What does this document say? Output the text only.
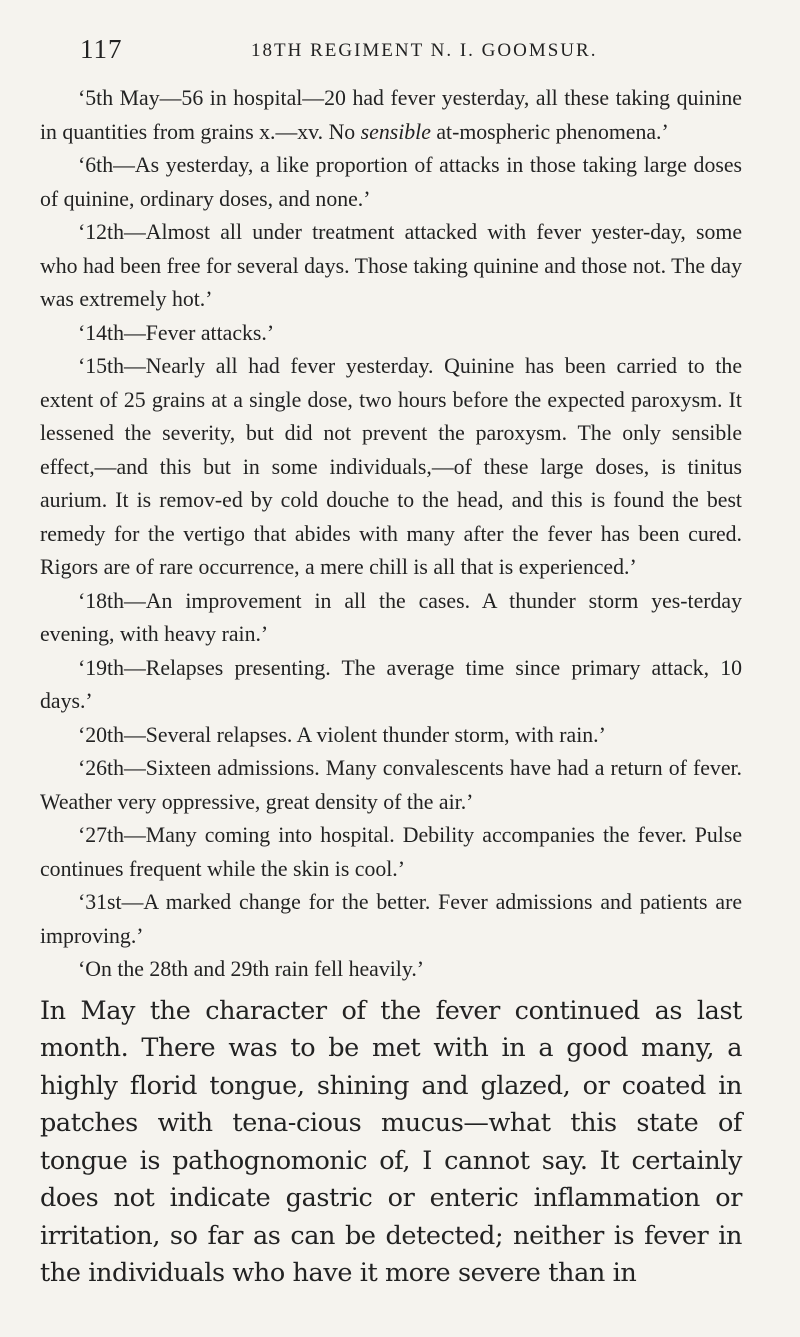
117	18TH REGIMENT N. I. GOOMSUR.

‘5th May—56 in hospital—20 had fever yesterday, all these taking quinine in quantities from grains x.—xv. No sensible at-mospheric phenomena.’

‘6th—As yesterday, a like proportion of attacks in those taking large doses of quinine, ordinary doses, and none.’

‘12th—Almost all under treatment attacked with fever yester-day, some who had been free for several days. Those taking quinine and those not. The day was extremely hot.’

‘14th—Fever attacks.’

‘15th—Nearly all had fever yesterday. Quinine has been carried to the extent of 25 grains at a single dose, two hours before the expected paroxysm. It lessened the severity, but did not prevent the paroxysm. The only sensible effect,—and this but in some individuals,—of these large doses, is tinitus aurium. It is remov-ed by cold douche to the head, and this is found the best remedy for the vertigo that abides with many after the fever has been cured. Rigors are of rare occurrence, a mere chill is all that is experienced.’

‘18th—An improvement in all the cases. A thunder storm yes-terday evening, with heavy rain.’

‘19th—Relapses presenting. The average time since primary attack, 10 days.’

‘20th—Several relapses. A violent thunder storm, with rain.’

‘26th—Sixteen admissions. Many convalescents have had a return of fever. Weather very oppressive, great density of the air.’

‘27th—Many coming into hospital. Debility accompanies the fever. Pulse continues frequent while the skin is cool.’

‘31st—A marked change for the better. Fever admissions and patients are improving.’

‘On the 28th and 29th rain fell heavily.’

In May the character of the fever continued as last month. There was to be met with in a good many, a highly florid tongue, shining and glazed, or coated in patches with tena-cious mucus—what this state of tongue is pathognomonic of, I cannot say. It certainly does not indicate gastric or enteric inflammation or irritation, so far as can be detected; neither is fever in the individuals who have it more severe than in
